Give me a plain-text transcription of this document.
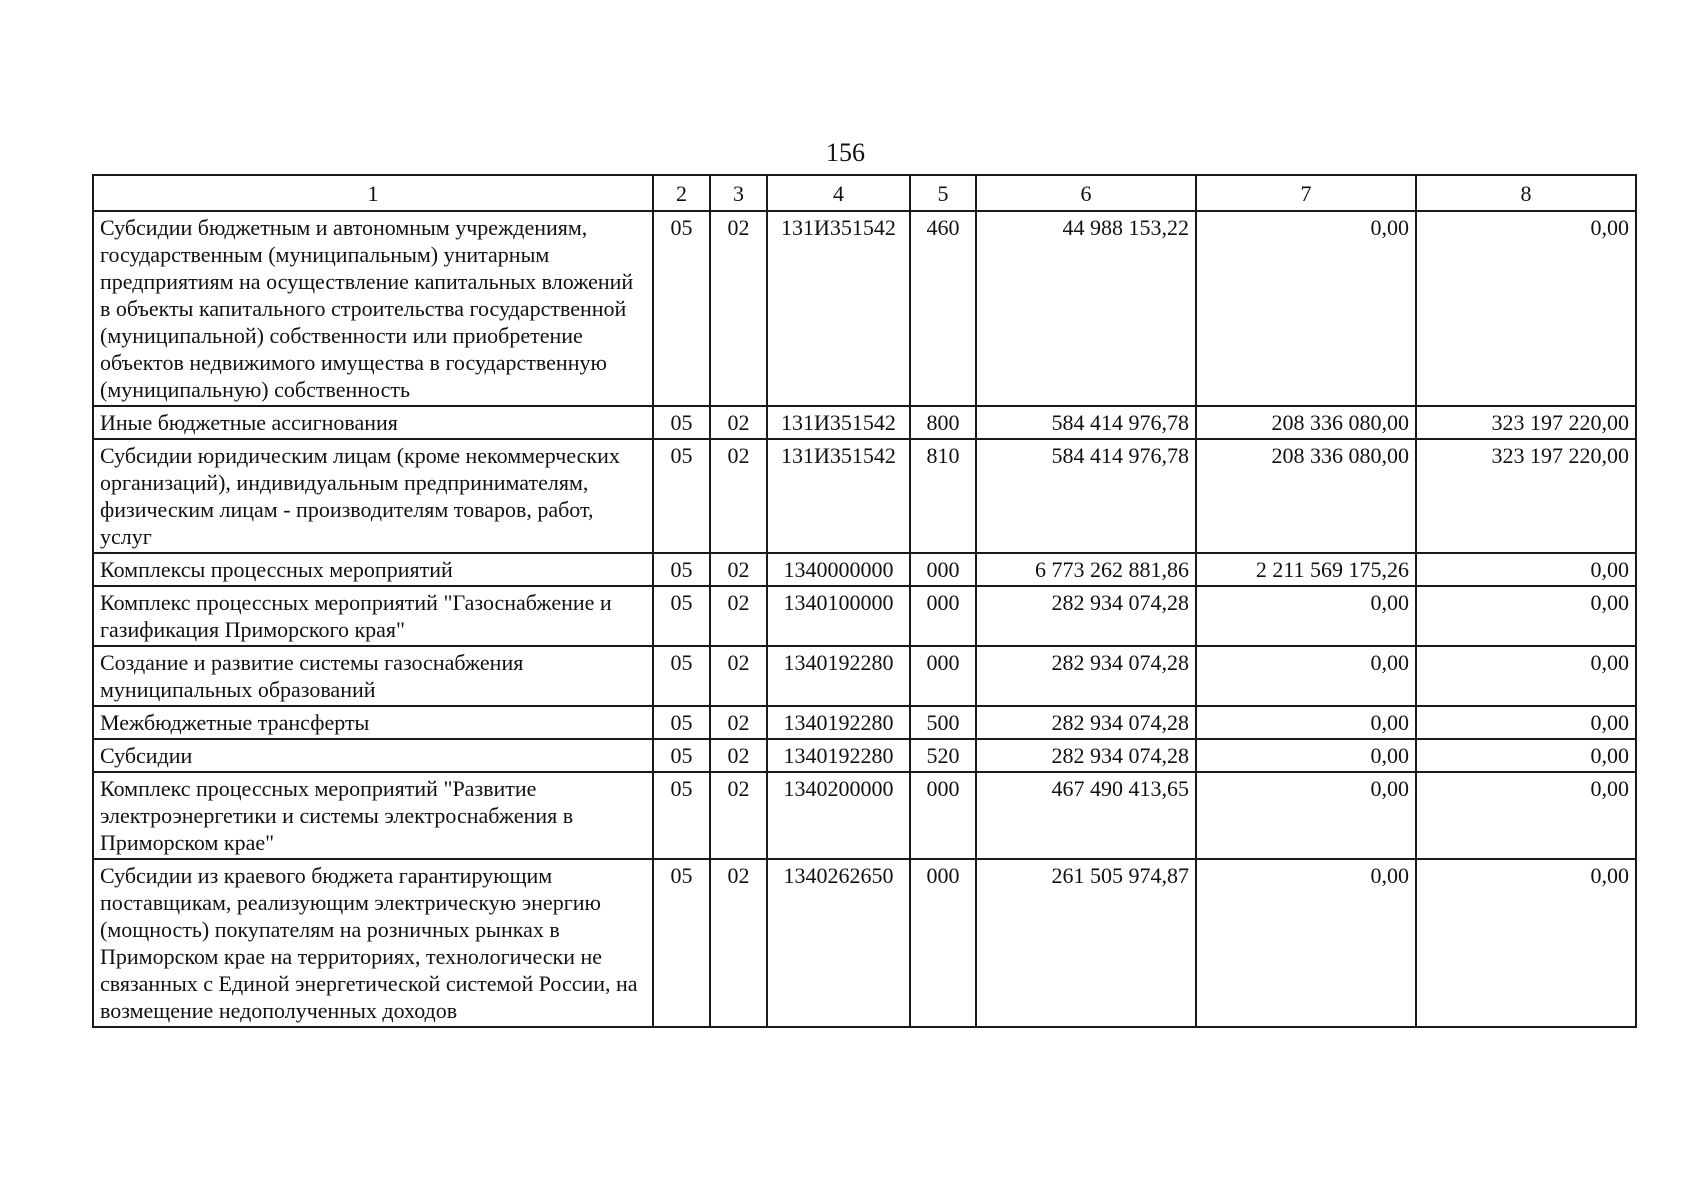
156
1	2	3	4	5	6	7	8
Субсидии бюджетным и автономным учреждениям, государственным (муниципальным) унитарным предприятиям на осуществление капитальных вложений в объекты капитального строительства государственной (муниципальной) собственности или приобретение объектов недвижимого имущества в государственную (муниципальную) собственность	05	02	131И351542	460	44 988 153,22	0,00	0,00
Иные бюджетные ассигнования	05	02	131И351542	800	584 414 976,78	208 336 080,00	323 197 220,00
Субсидии юридическим лицам (кроме некоммерческих организаций), индивидуальным предпринимателям, физическим лицам - производителям товаров, работ, услуг	05	02	131И351542	810	584 414 976,78	208 336 080,00	323 197 220,00
Комплексы процессных мероприятий	05	02	1340000000	000	6 773 262 881,86	2 211 569 175,26	0,00
Комплекс процессных мероприятий "Газоснабжение и газификация Приморского края"	05	02	1340100000	000	282 934 074,28	0,00	0,00
Создание и развитие системы газоснабжения муниципальных образований	05	02	1340192280	000	282 934 074,28	0,00	0,00
Межбюджетные трансферты	05	02	1340192280	500	282 934 074,28	0,00	0,00
Субсидии	05	02	1340192280	520	282 934 074,28	0,00	0,00
Комплекс процессных мероприятий "Развитие электроэнергетики и системы электроснабжения в Приморском крае"	05	02	1340200000	000	467 490 413,65	0,00	0,00
Субсидии из краевого бюджета гарантирующим поставщикам, реализующим электрическую энергию (мощность) покупателям на розничных рынках в Приморском крае на территориях, технологически не связанных с Единой энергетической системой России, на возмещение недополученных доходов	05	02	1340262650	000	261 505 974,87	0,00	0,00
